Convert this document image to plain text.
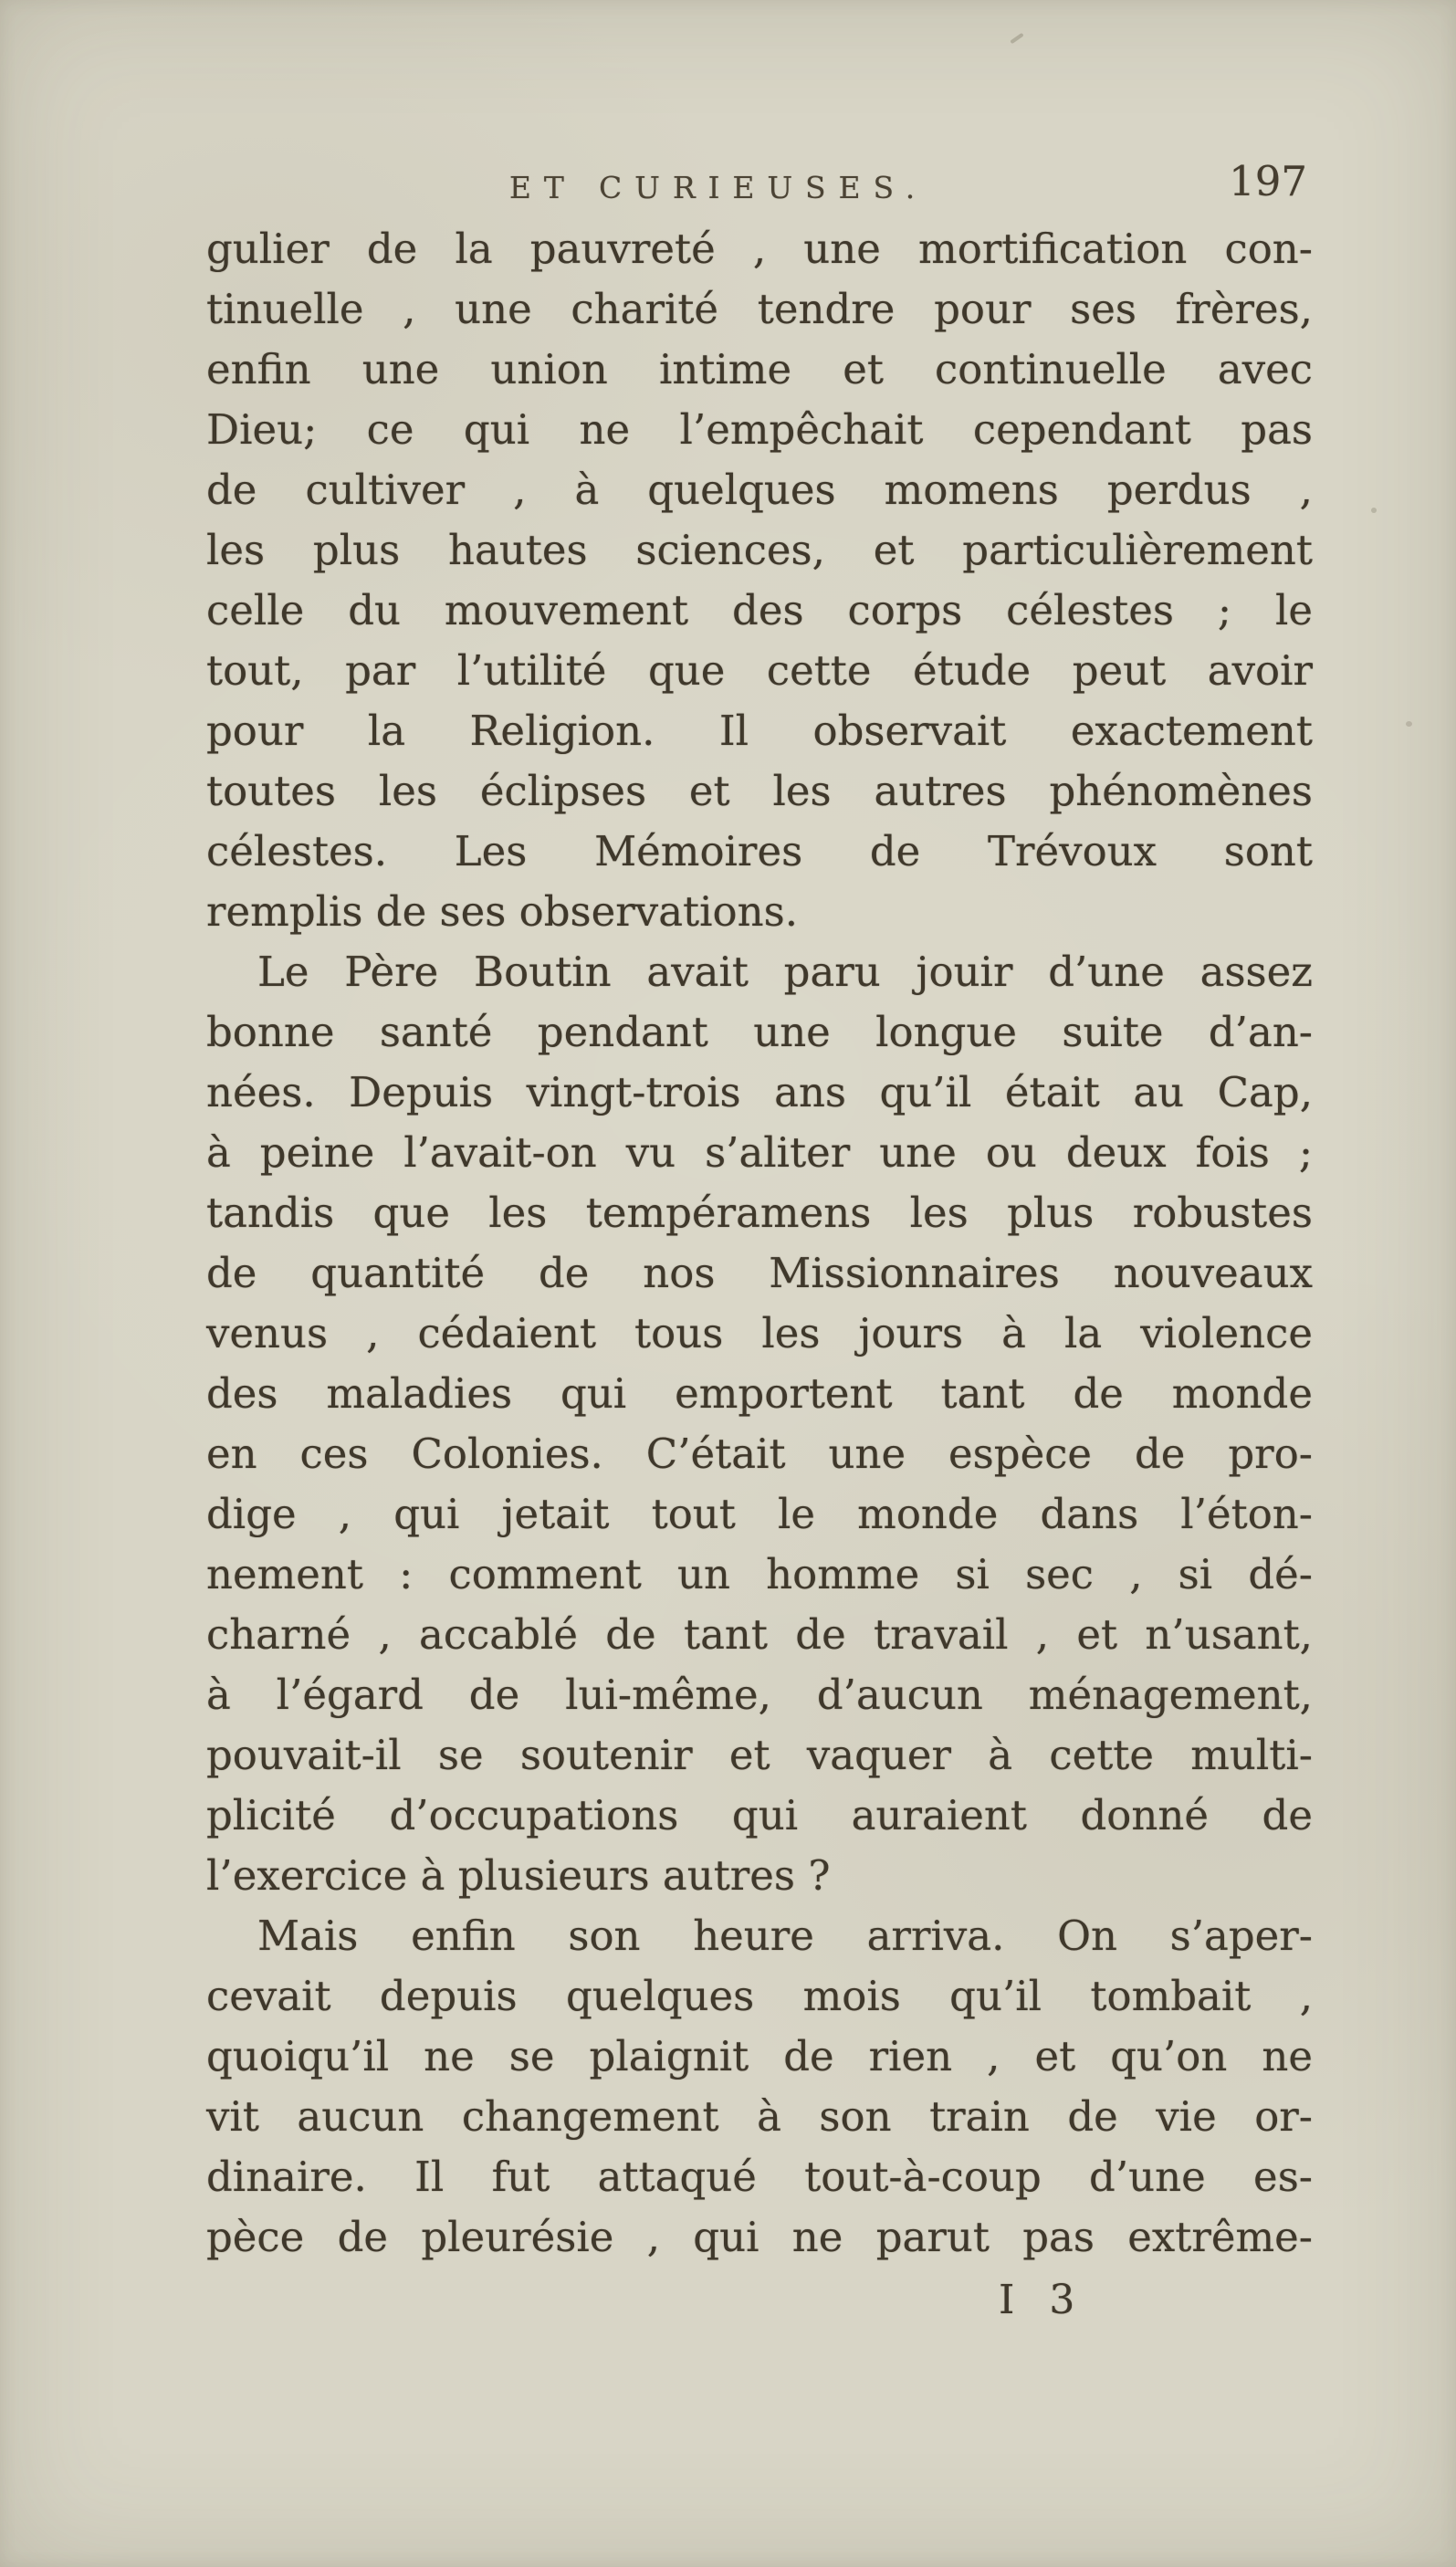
ET CURIEUSES.	197
gulier de la pauvreté , une mortification con-
tinuelle , une charité tendre pour ses frères,
enfin une union intime et continuelle avec
Dieu; ce qui ne l’empêchait cependant pas
de cultiver , à quelques momens perdus ,
les plus hautes sciences, et particulièrement
celle du mouvement des corps célestes ; le
tout, par l’utilité que cette étude peut avoir
pour la Religion. Il observait exactement
toutes les éclipses et les autres phénomènes
célestes. Les Mémoires de Trévoux sont
remplis de ses observations.
Le Père Boutin avait paru jouir d’une assez
bonne santé pendant une longue suite d’an-
nées. Depuis vingt-trois ans qu’il était au Cap,
à peine l’avait-on vu s’aliter une ou deux fois ;
tandis que les tempéramens les plus robustes
de quantité de nos Missionnaires nouveaux
venus , cédaient tous les jours à la violence
des maladies qui emportent tant de monde
en ces Colonies. C’était une espèce de pro-
dige , qui jetait tout le monde dans l’éton-
nement : comment un homme si sec , si dé-
charné , accablé de tant de travail , et n’usant,
à l’égard de lui-même, d’aucun ménagement,
pouvait-il se soutenir et vaquer à cette multi-
plicité d’occupations qui auraient donné de
l’exercice à plusieurs autres ?
Mais enfin son heure arriva. On s’aper-
cevait depuis quelques mois qu’il tombait ,
quoiqu’il ne se plaignit de rien , et qu’on ne
vit aucun changement à son train de vie or-
dinaire. Il fut attaqué tout-à-coup d’une es-
pèce de pleurésie , qui ne parut pas extrême-
I 3
